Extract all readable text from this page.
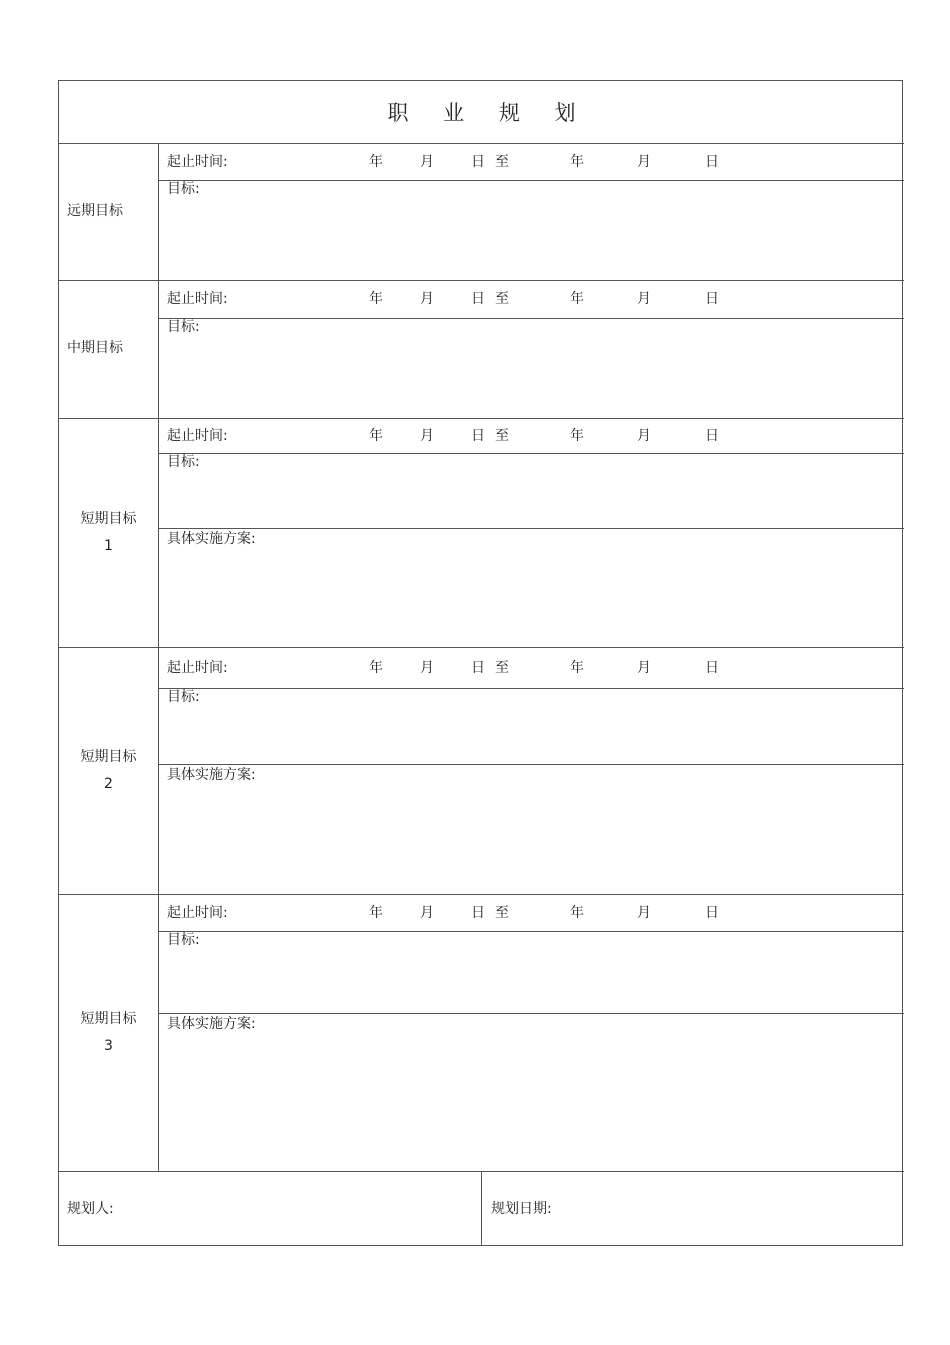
职 业 规 划
远期目标
起止时间:	年	月	日 至	年	月	日
目标:
中期目标
起止时间:	年	月	日 至	年	月	日
目标:
短期目标
1
起止时间:	年	月	日 至	年	月	日
目标:
具体实施方案:
短期目标
2
起止时间:	年	月	日 至	年	月	日
目标:
具体实施方案:
短期目标
3
起止时间:	年	月	日 至	年	月	日
目标:
具体实施方案:
规划人:	规划日期:
